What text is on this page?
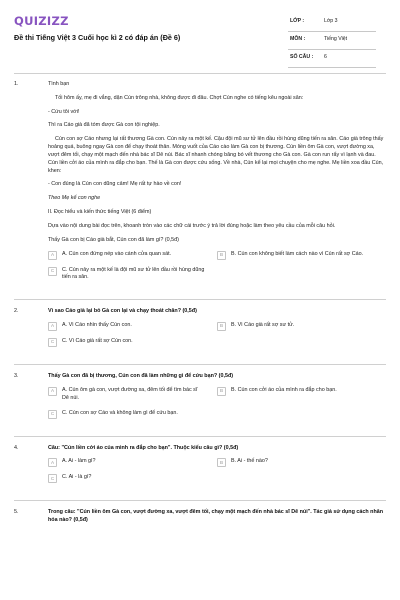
QUIZIZZ
Đề thi Tiếng Việt 3 Cuối học kì 2 có đáp án (Đề 6)
LỚP :	Lớp 3
MÔN :	Tiếng Việt
SỐ CÂU :	6
1.	Tình bạn
Tối hôm ấy, mẹ đi vắng, dặn Cún trông nhà, không được đi đâu. Chợt Cún nghe có tiếng kêu ngoài sân:
- Cứu tôi với!
Thì ra Cáo già đã tóm được Gà con tội nghiệp.
Cún con sợ Cáo nhưng lại rất thương Gà con. Cún nảy ra một kế. Cậu đội mũ sư tử lên đầu rồi hùng dũng tiến ra sân. Cáo già trông thấy hoảng quá, buông ngay Gà con để chạy thoát thân. Móng vuốt của Cáo cào làm Gà con bị thương. Cún liền ôm Gà con, vượt đường xa, vượt đêm tối, chạy một mạch đến nhà bác sĩ Dê núi. Bác sĩ nhanh chóng băng bó vết thương cho Gà con. Gà con run rẩy vì lạnh và đau. Cún liền cởi áo của mình ra đắp cho bạn. Thế là Gà con được cứu sống. Về nhà, Cún kể lại mọi chuyện cho mẹ nghe. Mẹ liền xoa đầu Cún, khen:
- Con đúng là Cún con dũng cảm! Mẹ rất tự hào về con!
Theo Mẹ kể con nghe
II. Đọc hiểu và kiến thức tiếng Việt (6 điểm)
Dựa vào nội dung bài đọc trên, khoanh tròn vào các chữ cái trước ý trả lời đúng hoặc làm theo yêu cầu của mỗi câu hỏi.
Thấy Gà con bị Cáo già bắt, Cún con đã làm gì? (0,5đ)
A	A. Cún con đứng nép vào cánh cửa quan sát.	B	B. Cún con không biết làm cách nào vì Cún rất sợ Cáo.
C	C. Cún nảy ra một kế là đội mũ sư tử lên đầu rồi hùng dũng tiến ra sân.
2.	Vì sao Cáo già lại bỏ Gà con lại và chạy thoát chân? (0,5đ)
A	A. Vì Cáo nhìn thấy Cún con.	B	B. Vì Cáo già rất sợ sư tử.
C	C. Vì Cáo già rất sợ Cún con.
3.	Thấy Gà con đã bị thương, Cún con đã làm những gì để cứu bạn? (0,5đ)
A	A. Cún ôm gà con, vượt đường xa, đêm tối để tìm bác sĩ Dê núi.
B	B. Cún con cởi áo của mình ra đắp cho bạn.
C	C. Cún con sợ Cáo và không làm gì để cứu bạn.
4.	Câu: "Cún liền cởi áo của mình ra đắp cho bạn". Thuộc kiểu câu gì? (0,5đ)
A	A. Ai - làm gì?	B	B. Ai - thế nào?
C	C. Ai - là gì?
5.	Trong câu: "Cún liền ôm Gà con, vượt đường xa, vượt đêm tối, chạy một mạch đến nhà bác sĩ Dê núi". Tác giả sử dụng cách nhân hóa nào? (0,5đ)
